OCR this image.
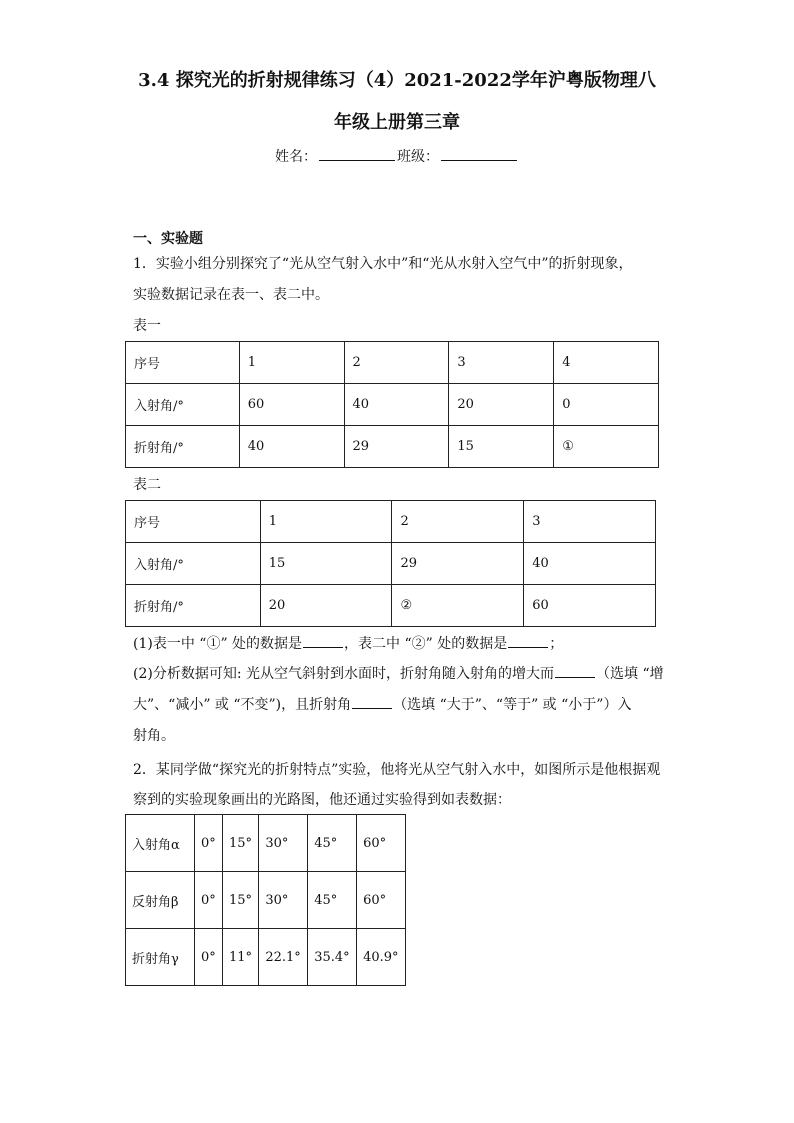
3.4 探究光的折射规律练习（4）2021-2022学年沪粤版物理八
年级上册第三章
姓名：	班级：
一、实验题
1．实验小组分别探究了“光从空气射入水中”和“光从水射入空气中”的折射现象，
实验数据记录在表一、表二中。
表一
序号	1	2	3	4
入射角/°	60	40	20	0
折射角/°	40	29	15	①
表二
序号	1	2	3
入射角/°	15	29	40
折射角/°	20	②	60
(1)表一中 “①” 处的数据是	，表二中 “②” 处的数据是	；
(2)分析数据可知: 光从空气斜射到水面时，折射角随入射角的增大而	（选填 “增
大”、“减小” 或 “不变”)，且折射角	（选填 “大于”、“等于” 或 “小于”）入
射角。
2．某同学做“探究光的折射特点”实验，他将光从空气射入水中，如图所示是他根据观
察到的实验现象画出的光路图，他还通过实验得到如表数据：
入射角α	0°	15°	30°	45°	60°
反射角β	0°	15°	30°	45°	60°
折射角γ	0°	11°	22.1°	35.4°	40.9°
